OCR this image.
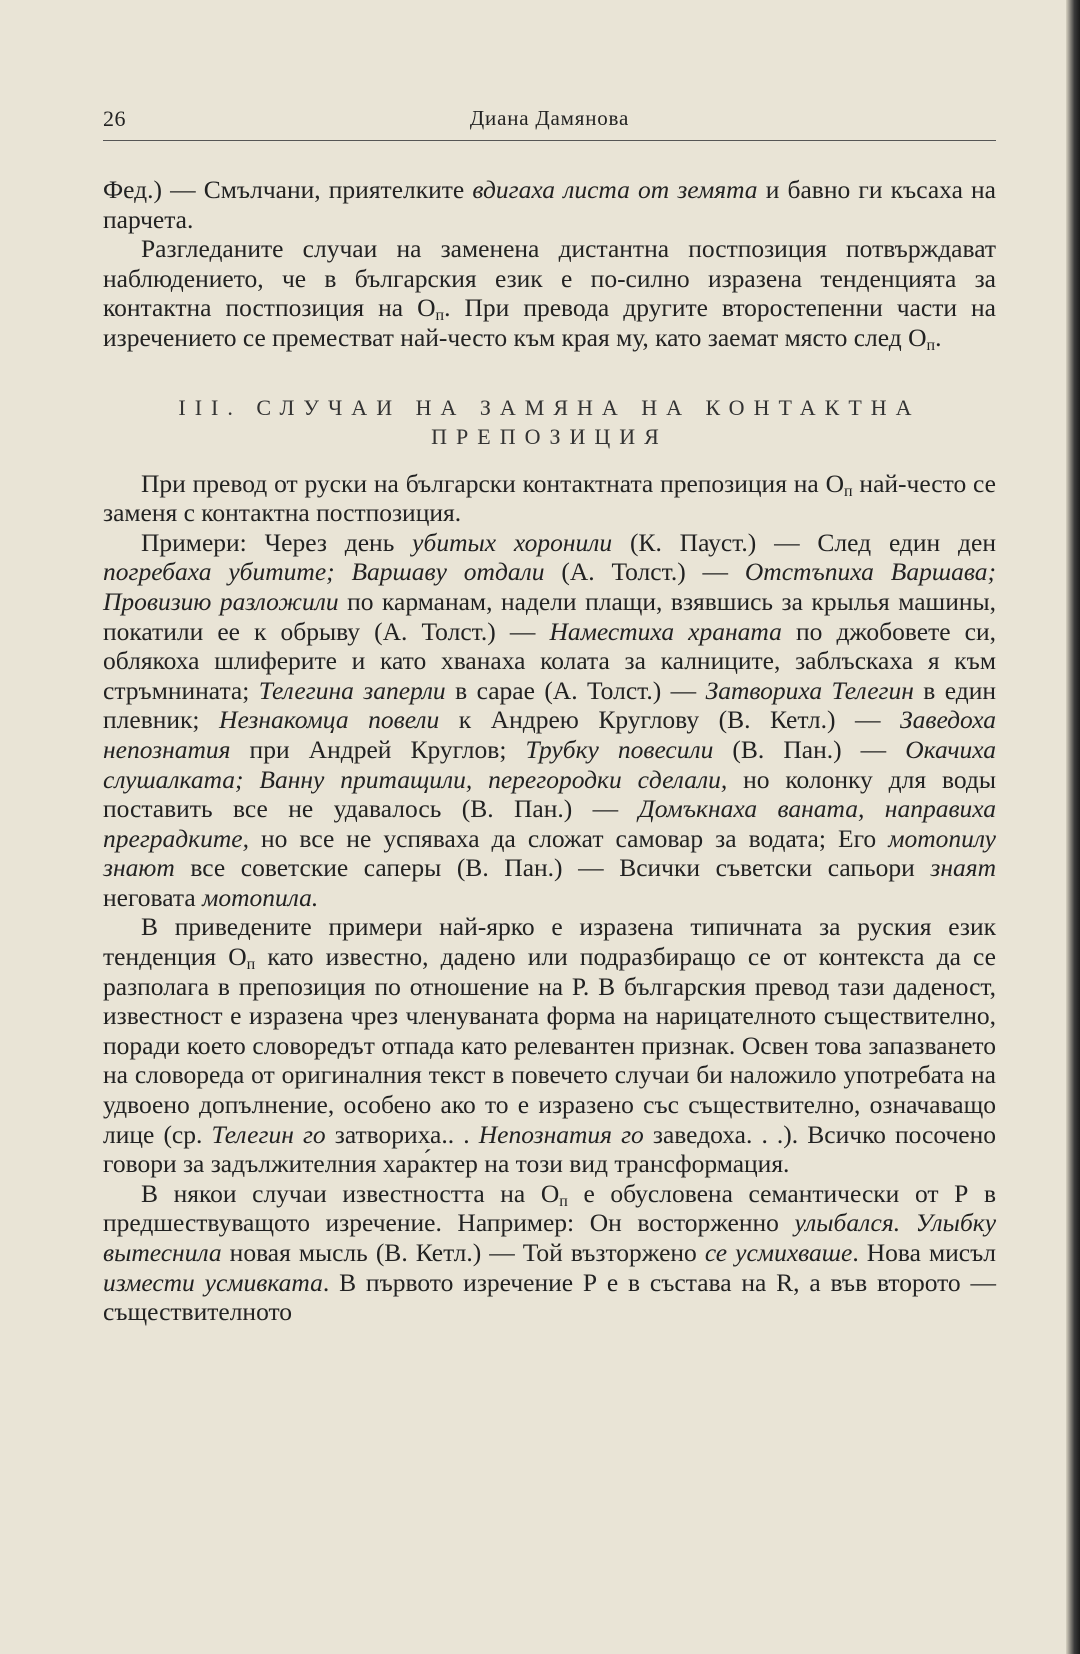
26	Диана Дамянова

Фед.) — Смълчани, приятелките вдигаха листа от земята и бавно ги късаха на парчета.

Разгледаните случаи на заменена дистантна постпозиция потвърждават наблюдението, че в българския език е по-силно изразена тенденцията за контактна постпозиция на $О_п$. При превода другите второстепенни части на изречението се преместват най-често към края му, като заемат място след $О_п$.

III. СЛУЧАИ НА ЗАМЯНА НА КОНТАКТНА
ПРЕПОЗИЦИЯ

При превод от руски на български контактната препозиция на $О_п$ най-често се заменя с контактна постпозиция.

Примери: Через день убитых хоронили (К. Пауст.) — След един ден погребаха убитите; Варшаву отдали (А. Толст.) — Отстъпиха Варшава; Провизию разложили по карманам, надели плащи, взявшись за крылья машины, покатили ее к обрыву (А. Толст.) — Наместиха храната по джобовете си, облякоха шлиферите и като хванаха колата за калниците, заблъскаха я към стръмнината; Телегина заперли в сарае (А. Толст.) — Затвориха Телегин в един плевник; Незнакомца повели к Андрею Круглову (В. Кетл.) — Заведоха непознатия при Андрей Круглов; Трубку повесили (В. Пан.) — Окачиха слушалката; Ванну притащили, перегородки сделали, но колонку для воды поставить все не удавалось (В. Пан.) — Домъкнаха ваната, направиха преградките, но все не успяваха да сложат самовар за водата; Его мотопилу знают все советские саперы (В. Пан.) — Всички съветски сапьори знаят неговата мотопила.

В приведените примери най-ярко е изразена типичната за руския език тенденция $О_п$ като известно, дадено или подразбиращо се от контекста да се разполага в препозиция по отношение на Р. В българския превод тази даденост, известност е изразена чрез членуваната форма на нарицателното съществително, поради което словоредът отпада като релевантен признак. Освен това запазването на словореда от оригиналния текст в повечето случаи би наложило употребата на удвоено допълнение, особено ако то е изразено със съществително, означаващо лице (ср. Телегин го затвориха.. . Непознатия го заведоха. . .). Всичко посочено говори за задължителния хара́ктер на този вид трансформация.

В някои случаи известността на $О_п$ е обусловена семантически от Р в предшествуващото изречение. Например: Он восторженно улыбался. Улыбку вытеснила новая мысль (В. Кетл.) — Той възторжено се усмихваше. Нова мисъл измести усмивката. В първото изречение Р е в състава на R, а във второто — съществителното
